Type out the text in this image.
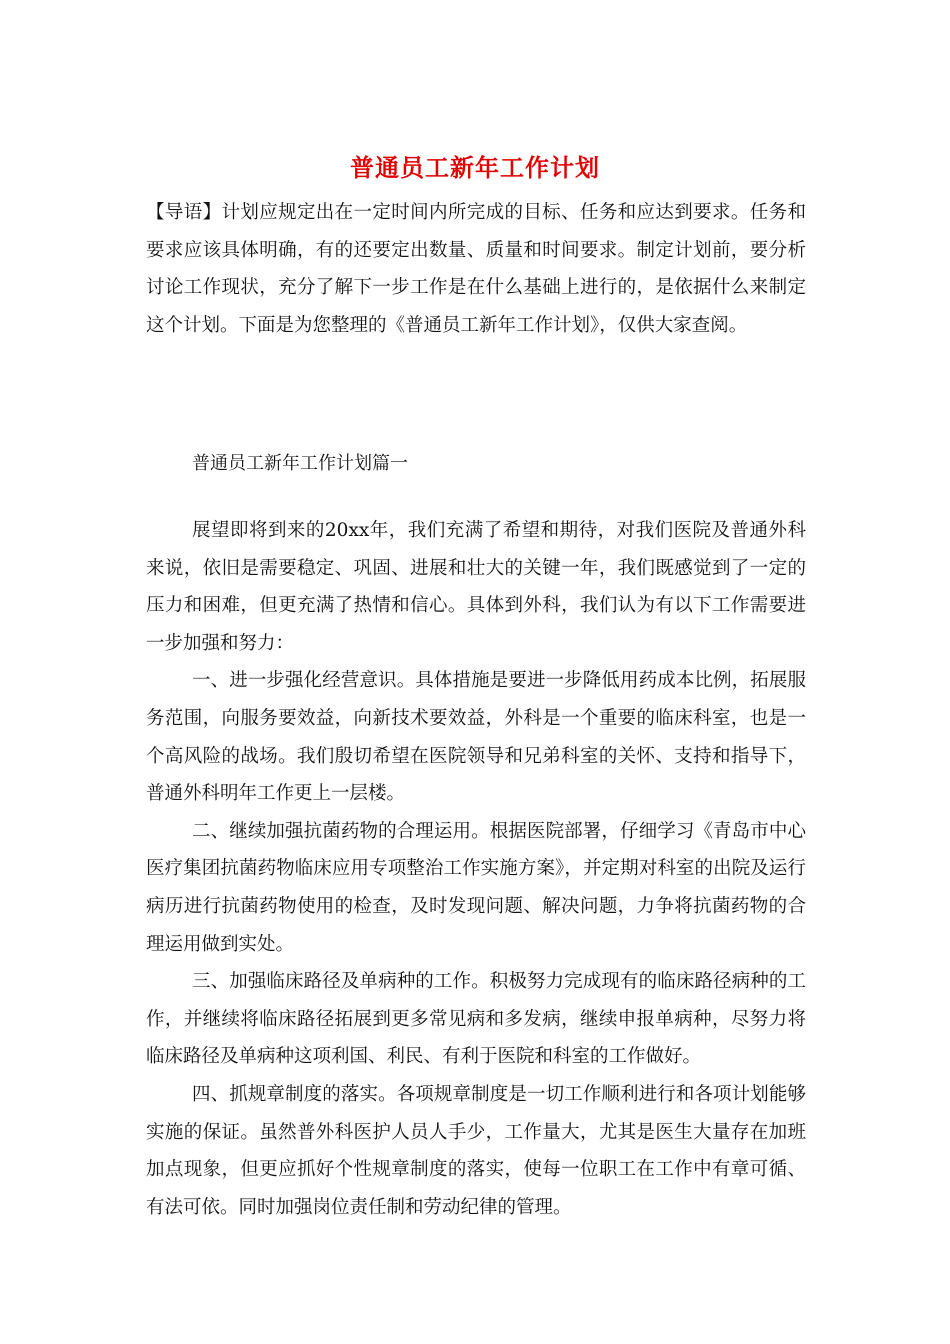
普通员工新年工作计划

【导语】计划应规定出在一定时间内所完成的目标、任务和应达到要求。任务和要求应该具体明确，有的还要定出数量、质量和时间要求。制定计划前，要分析讨论工作现状，充分了解下一步工作是在什么基础上进行的，是依据什么来制定这个计划。下面是为您整理的《普通员工新年工作计划》，仅供大家查阅。

普通员工新年工作计划篇一

展望即将到来的20xx年，我们充满了希望和期待，对我们医院及普通外科来说，依旧是需要稳定、巩固、进展和壮大的关键一年，我们既感觉到了一定的压力和困难，但更充满了热情和信心。具体到外科，我们认为有以下工作需要进一步加强和努力：

一、进一步强化经营意识。具体措施是要进一步降低用药成本比例，拓展服务范围，向服务要效益，向新技术要效益，外科是一个重要的临床科室，也是一个高风险的战场。我们殷切希望在医院领导和兄弟科室的关怀、支持和指导下，普通外科明年工作更上一层楼。

二、继续加强抗菌药物的合理运用。根据医院部署，仔细学习《青岛市中心医疗集团抗菌药物临床应用专项整治工作实施方案》，并定期对科室的出院及运行病历进行抗菌药物使用的检查，及时发现问题、解决问题，力争将抗菌药物的合理运用做到实处。

三、加强临床路径及单病种的工作。积极努力完成现有的临床路径病种的工作，并继续将临床路径拓展到更多常见病和多发病，继续申报单病种，尽努力将临床路径及单病种这项利国、利民、有利于医院和科室的工作做好。

四、抓规章制度的落实。各项规章制度是一切工作顺利进行和各项计划能够实施的保证。虽然普外科医护人员人手少，工作量大，尤其是医生大量存在加班加点现象，但更应抓好个性规章制度的落实，使每一位职工在工作中有章可循、有法可依。同时加强岗位责任制和劳动纪律的管理。
